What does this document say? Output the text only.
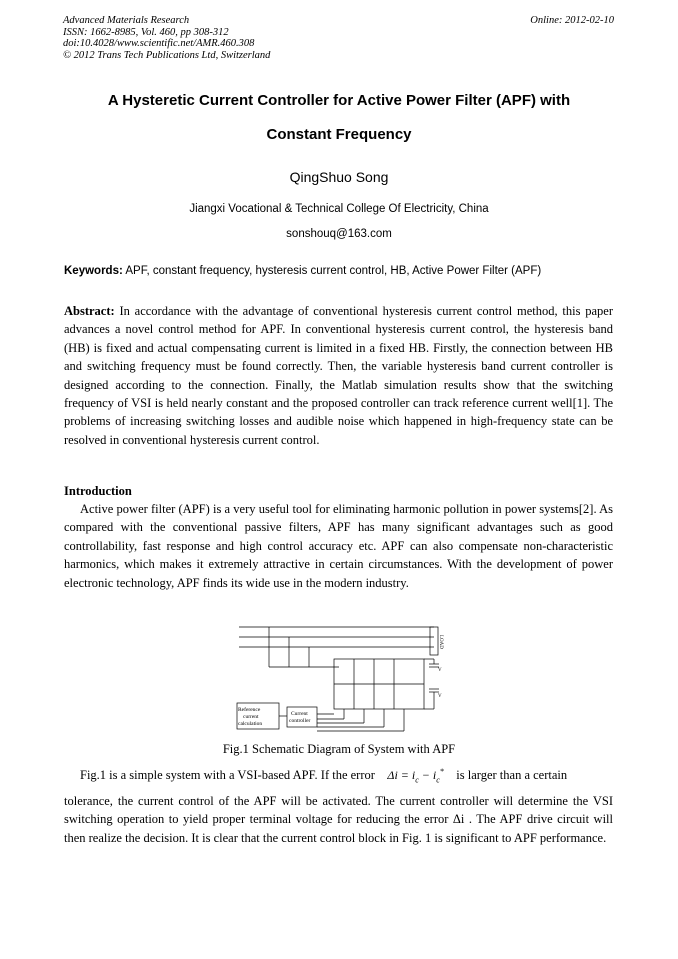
Advanced Materials Research
ISSN: 1662-8985, Vol. 460, pp 308-312
doi:10.4028/www.scientific.net/AMR.460.308
© 2012 Trans Tech Publications Ltd, Switzerland
Online: 2012-02-10
A Hysteretic Current Controller for Active Power Filter (APF) with
Constant Frequency
QingShuo Song
Jiangxi Vocational & Technical College Of Electricity, China
sonshouq@163.com
Keywords: APF, constant frequency, hysteresis current control, HB, Active Power Filter (APF)
Abstract: In accordance with the advantage of conventional hysteresis current control method, this paper advances a novel control method for APF. In conventional hysteresis current control, the hysteresis band (HB) is fixed and actual compensating current is limited in a fixed HB. Firstly, the connection between HB and switching frequency must be found correctly. Then, the variable hysteresis band current controller is designed according to the connection. Finally, the Matlab simulation results show that the switching frequency of VSI is held nearly constant and the proposed controller can track reference current well[1]. The problems of increasing switching losses and audible noise which happened in high-frequency state can be resolved in conventional hysteresis current control.
Introduction
Active power filter (APF) is a very useful tool for eliminating harmonic pollution in power systems[2]. As compared with the conventional passive filters, APF has many significant advantages such as good controllability, fast response and high control accuracy etc. APF can also compensate non-characteristic harmonics, which makes it extremely attractive in certain circumstances. With the development of power electronic technology, APF finds its wide use in the modern industry.
Reference
current
calculation
Current
controller
LOAD
V
V
Fig.1 Schematic Diagram of System with APF
Fig.1 is a simple system with a VSI-based APF. If the error $\Delta i = i_c - i_c^*$ is larger than a certain
tolerance, the current control of the APF will be activated. The current controller will determine the VSI switching operation to yield proper terminal voltage for reducing the error Δi . The APF drive circuit will then realize the decision. It is clear that the current control block in Fig. 1 is significant to APF performance.
